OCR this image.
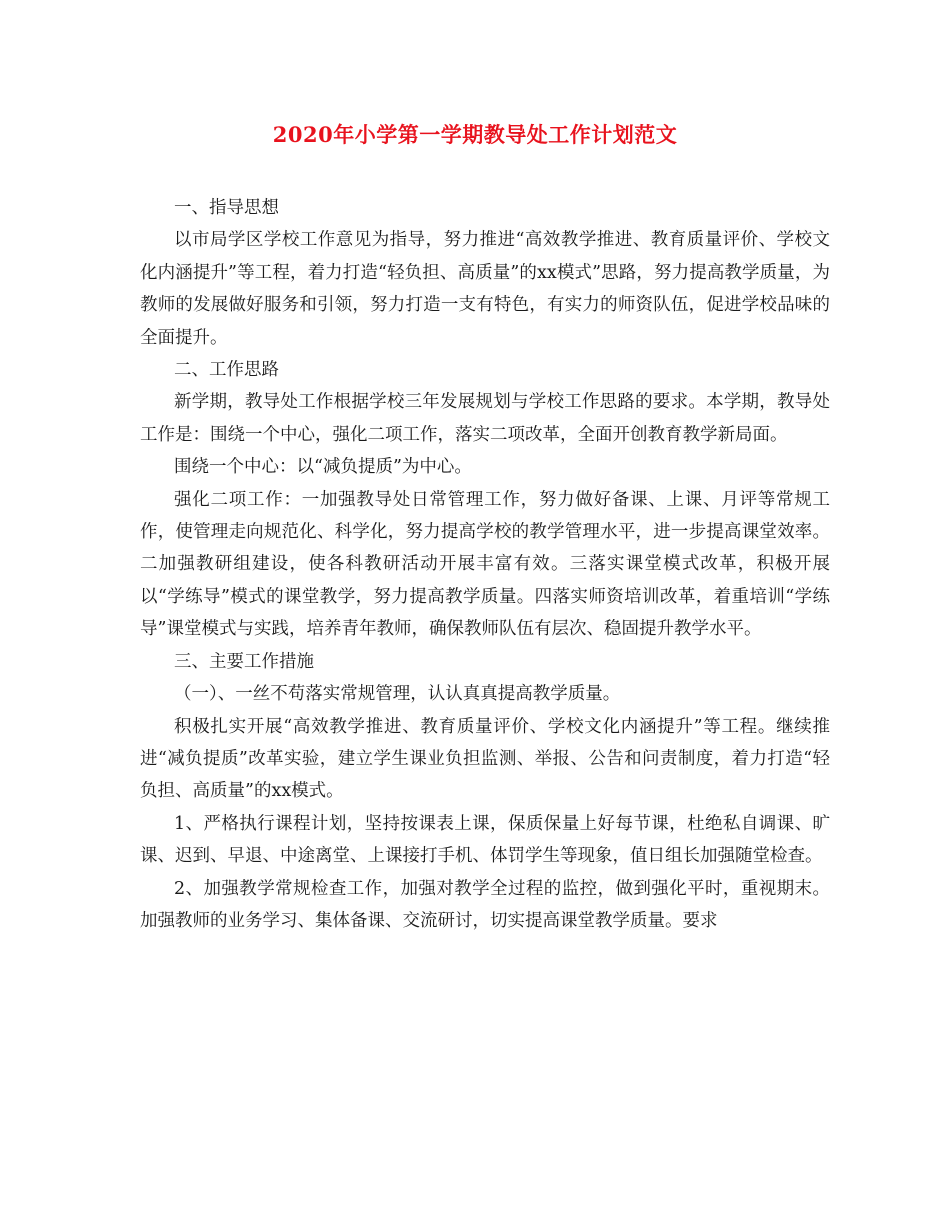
2020年小学第一学期教导处工作计划范文

一、指导思想

以市局学区学校工作意见为指导，努力推进“高效教学推进、教育质量评价、学校文化内涵提升”等工程，着力打造“轻负担、高质量”的xx模式”思路，努力提高教学质量，为教师的发展做好服务和引领，努力打造一支有特色，有实力的师资队伍，促进学校品味的全面提升。

二、工作思路

新学期，教导处工作根据学校三年发展规划与学校工作思路的要求。本学期，教导处工作是：围绕一个中心，强化二项工作，落实二项改革，全面开创教育教学新局面。

围绕一个中心：以“减负提质”为中心。

强化二项工作：一加强教导处日常管理工作，努力做好备课、上课、月评等常规工作，使管理走向规范化、科学化，努力提高学校的教学管理水平，进一步提高课堂效率。二加强教研组建设，使各科教研活动开展丰富有效。三落实课堂模式改革，积极开展以“学练导”模式的课堂教学，努力提高教学质量。四落实师资培训改革，着重培训“学练导”课堂模式与实践，培养青年教师，确保教师队伍有层次、稳固提升教学水平。

三、主要工作措施

（一）、一丝不苟落实常规管理，认认真真提高教学质量。

积极扎实开展“高效教学推进、教育质量评价、学校文化内涵提升”等工程。继续推进“减负提质”改革实验，建立学生课业负担监测、举报、公告和问责制度，着力打造“轻负担、高质量”的xx模式。

1、严格执行课程计划，坚持按课表上课，保质保量上好每节课，杜绝私自调课、旷课、迟到、早退、中途离堂、上课接打手机、体罚学生等现象，值日组长加强随堂检查。

2、加强教学常规检查工作，加强对教学全过程的监控，做到强化平时，重视期末。加强教师的业务学习、集体备课、交流研讨，切实提高课堂教学质量。要求
